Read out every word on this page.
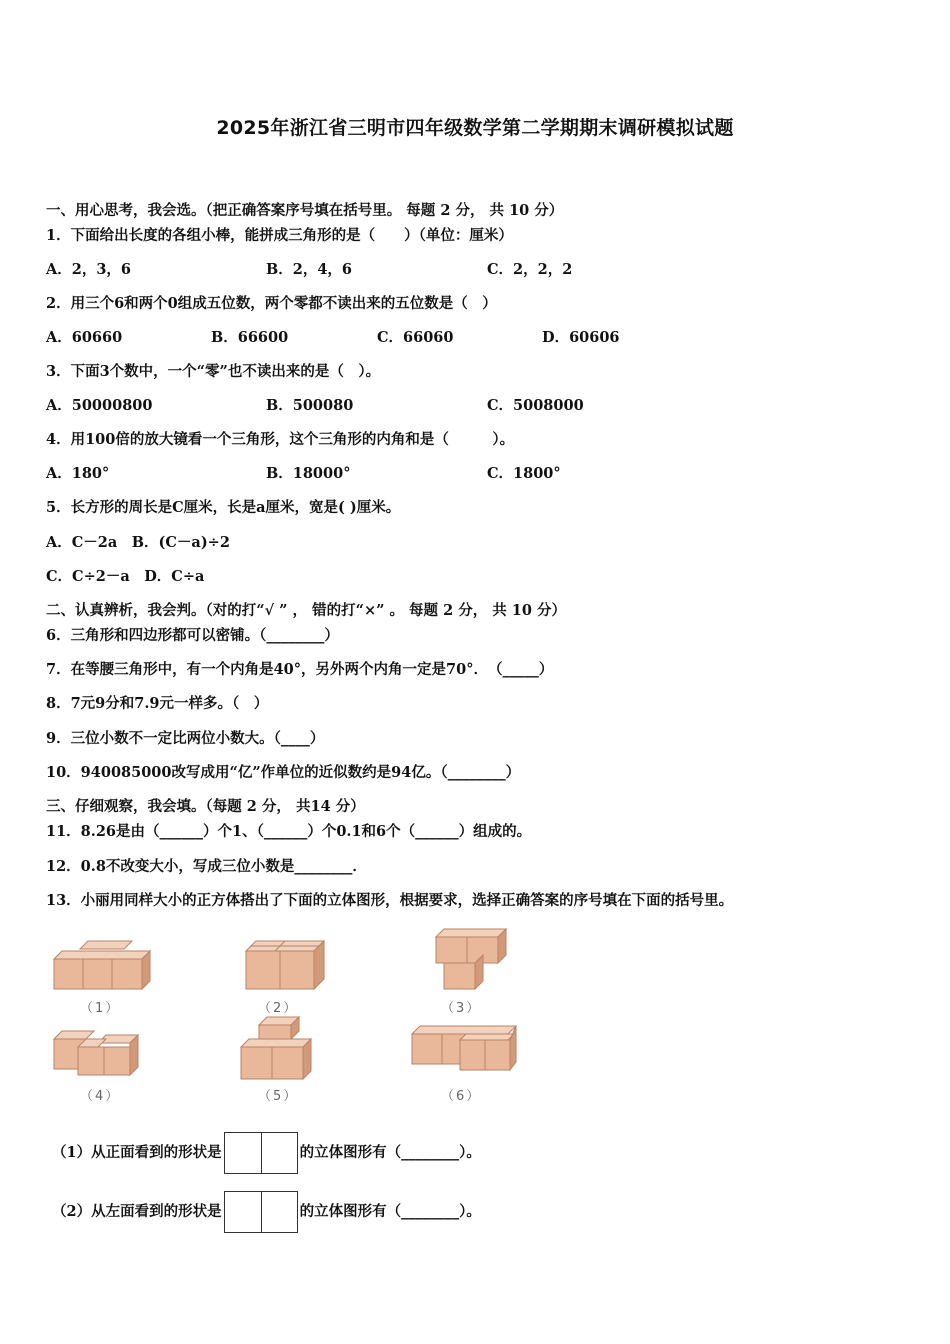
2025年浙江省三明市四年级数学第二学期期末调研模拟试题
一、用心思考，我会选。（把正确答案序号填在括号里。 每题 2 分， 共 10 分）
1．下面给出长度的各组小棒，能拼成三角形的是（　　）（单位：厘米）
A．2，3，6	B．2，4，6	C．2，2，2
2．用三个6和两个0组成五位数，两个零都不读出来的五位数是（　）
A．60660	B．66600	C．66060	D．60606
3．下面3个数中，一个“零”也不读出来的是（　）。
A．50000800	B．500080	C．5008000
4．用100倍的放大镜看一个三角形，这个三角形的内角和是（　　　）。
A．180°	B．18000°	C．1800°
5．长方形的周长是C厘米，长是a厘米，宽是( )厘米。
A．C－2a　B．(C－a)÷2
C．C÷2－a　D．C÷a
二、认真辨析，我会判。（对的打“√ ” ， 错的打“×” 。 每题 2 分， 共 10 分）
6．三角形和四边形都可以密铺。（________）
7．在等腰三角形中，有一个内角是40°，另外两个内角一定是70°．　（_____）
8．7元9分和7.9元一样多。（　）
9．三位小数不一定比两位小数大。（____）
10．940085000改写成用“亿”作单位的近似数约是94亿。（________）
三、仔细观察，我会填。（每题 2 分， 共14 分）
11．8.26是由（______）个1、（______）个0.1和6个（______）组成的。
12．0.8不改变大小，写成三位小数是________．
13．小丽用同样大小的正方体搭出了下面的立体图形，根据要求，选择正确答案的序号填在下面的括号里。
（1）	（2）	（3）
（4）	（5）	（6）
（1）从正面看到的形状是	的立体图形有（________）。
（2）从左面看到的形状是	的立体图形有（________）。
